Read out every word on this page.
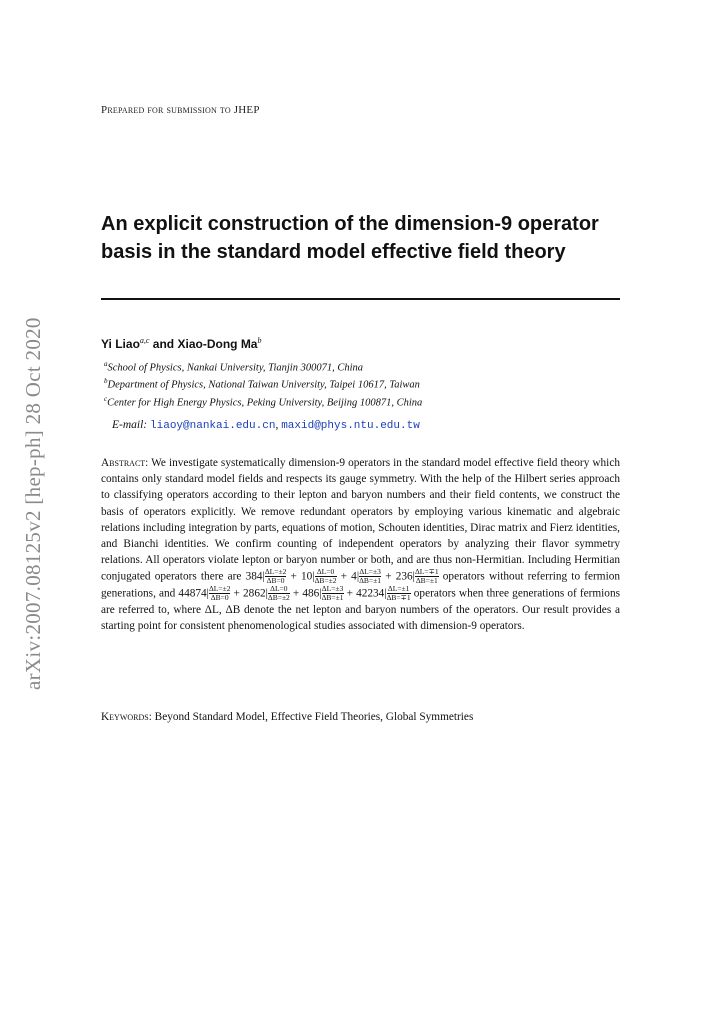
Prepared for submission to JHEP
An explicit construction of the dimension-9 operator basis in the standard model effective field theory
Yi Liao$^{a,c}$ and Xiao-Dong Ma$^b$
$^a$School of Physics, Nankai University, Tianjin 300071, China
$^b$Department of Physics, National Taiwan University, Taipei 10617, Taiwan
$^c$Center for High Energy Physics, Peking University, Beijing 100871, China
E-mail: liaoy@nankai.edu.cn, maxid@phys.ntu.edu.tw
Abstract: We investigate systematically dimension-9 operators in the standard model effective field theory which contains only standard model fields and respects its gauge symmetry. With the help of the Hilbert series approach to classifying operators according to their lepton and baryon numbers and their field contents, we construct the basis of operators explicitly. We remove redundant operators by employing various kinematic and algebraic relations including integration by parts, equations of motion, Schouten identities, Dirac matrix and Fierz identities, and Bianchi identities. We confirm counting of independent operators by analyzing their flavor symmetry relations. All operators violate lepton or baryon number or both, and are thus non-Hermitian. Including Hermitian conjugated operators there are $384| \frac{\Delta L=\pm 2}{\Delta B=0} + 10| \frac{\Delta L=0}{\Delta B=\pm 2} + 4| \frac{\Delta L=\pm 3}{\Delta B=\pm 1} + 236| \frac{\Delta L=\mp 1}{\Delta B=\pm 1}$ operators without referring to fermion generations, and $44874| \frac{\Delta L=\pm 2}{\Delta B=0} + 2862| \frac{\Delta L=0}{\Delta B=\pm 2} + 486| \frac{\Delta L=\pm 3}{\Delta B=\pm 1} + 42234| \frac{\Delta L=\pm 1}{\Delta B=\mp 1}$ operators when three generations of fermions are referred to, where ΔL, ΔB denote the net lepton and baryon numbers of the operators. Our result provides a starting point for consistent phenomenological studies associated with dimension-9 operators.
Keywords: Beyond Standard Model, Effective Field Theories, Global Symmetries
arXiv:2007.08125v2 [hep-ph] 28 Oct 2020
